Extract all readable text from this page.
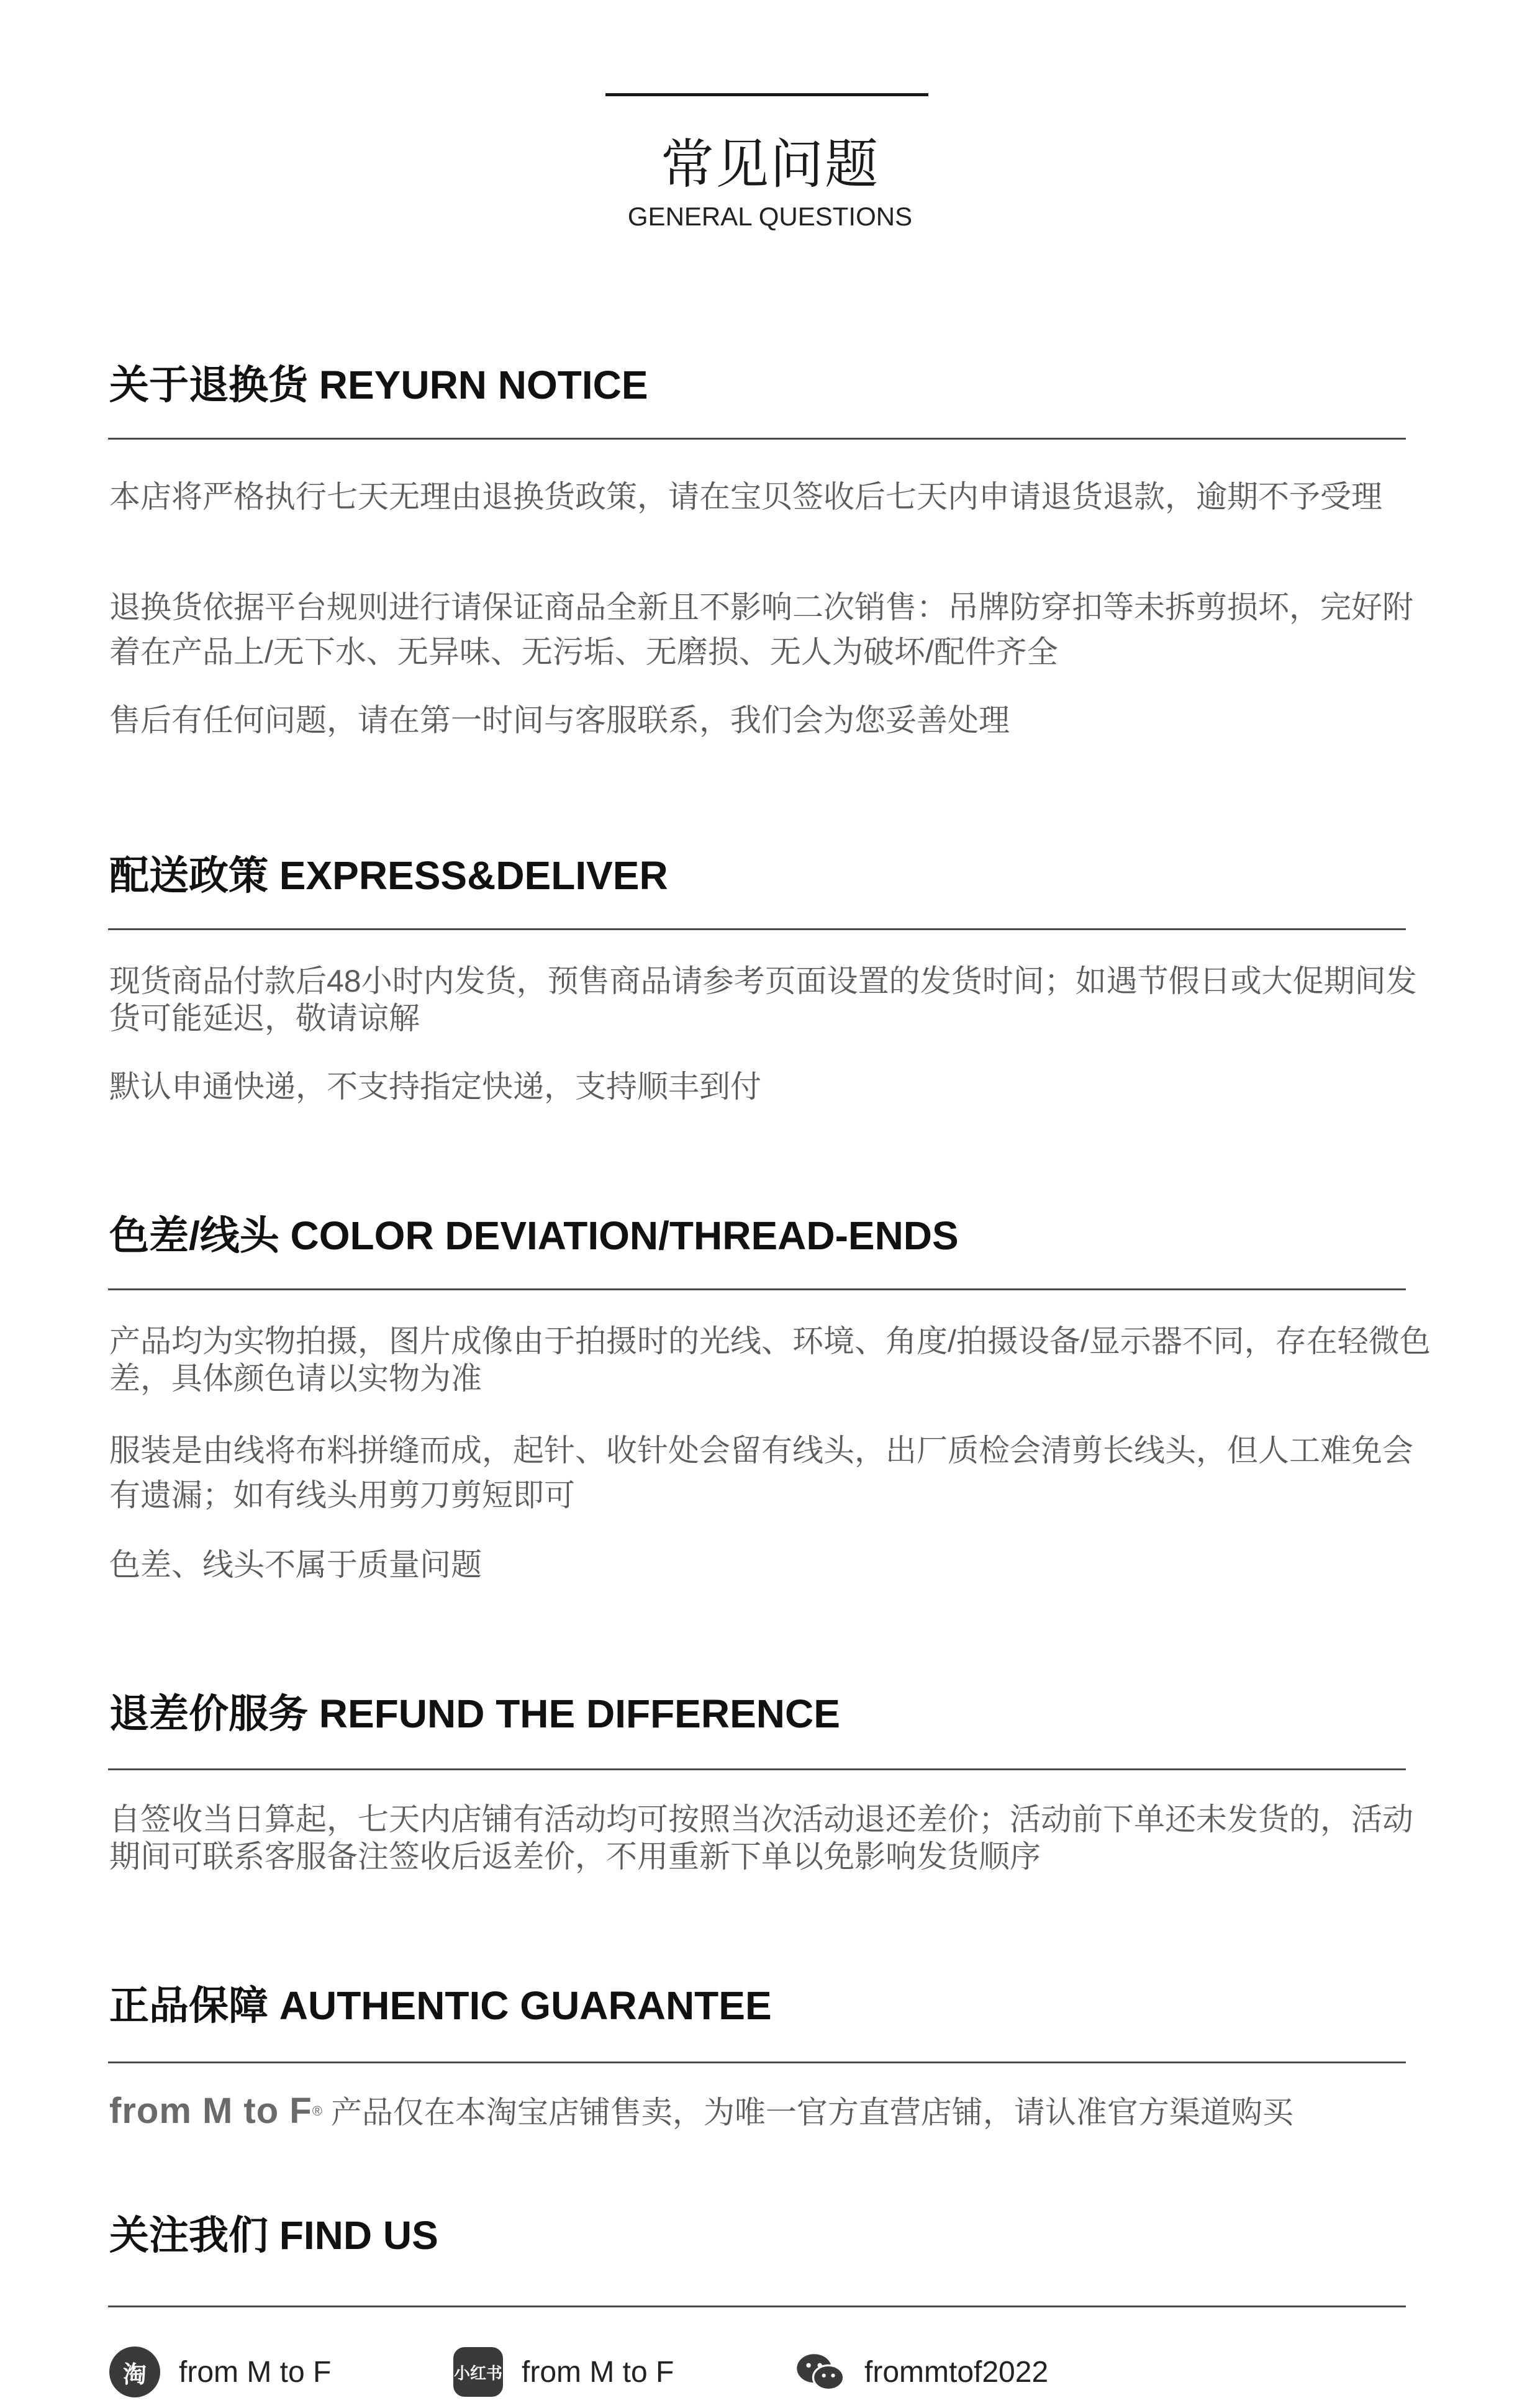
常见问题
GENERAL QUESTIONS
关于退换货 REYURN NOTICE
本店将严格执行七天无理由退换货政策，请在宝贝签收后七天内申请退货退款，逾期不予受理
退换货依据平台规则进行请保证商品全新且不影响二次销售：吊牌防穿扣等未拆剪损坏，完好附着在产品上/无下水、无异味、无污垢、无磨损、无人为破坏/配件齐全
售后有任何问题，请在第一时间与客服联系，我们会为您妥善处理
配送政策 EXPRESS&DELIVER
现货商品付款后48小时内发货，预售商品请参考页面设置的发货时间；如遇节假日或大促期间发货可能延迟，敬请谅解
默认申通快递，不支持指定快递，支持顺丰到付
色差/线头 COLOR DEVIATION/THREAD-ENDS
产品均为实物拍摄，图片成像由于拍摄时的光线、环境、角度/拍摄设备/显示器不同，存在轻微色差，具体颜色请以实物为准
服装是由线将布料拼缝而成，起针、收针处会留有线头，出厂质检会清剪长线头，但人工难免会有遗漏；如有线头用剪刀剪短即可
色差、线头不属于质量问题
退差价服务 REFUND THE DIFFERENCE
自签收当日算起，七天内店铺有活动均可按照当次活动退还差价；活动前下单还未发货的，活动期间可联系客服备注签收后返差价，不用重新下单以免影响发货顺序
正品保障 AUTHENTIC GUARANTEE
from M to F® 产品仅在本淘宝店铺售卖，为唯一官方直营店铺，请认准官方渠道购买
关注我们 FIND US
淘	from M to F	小红书 from M to F	frommtof2022
